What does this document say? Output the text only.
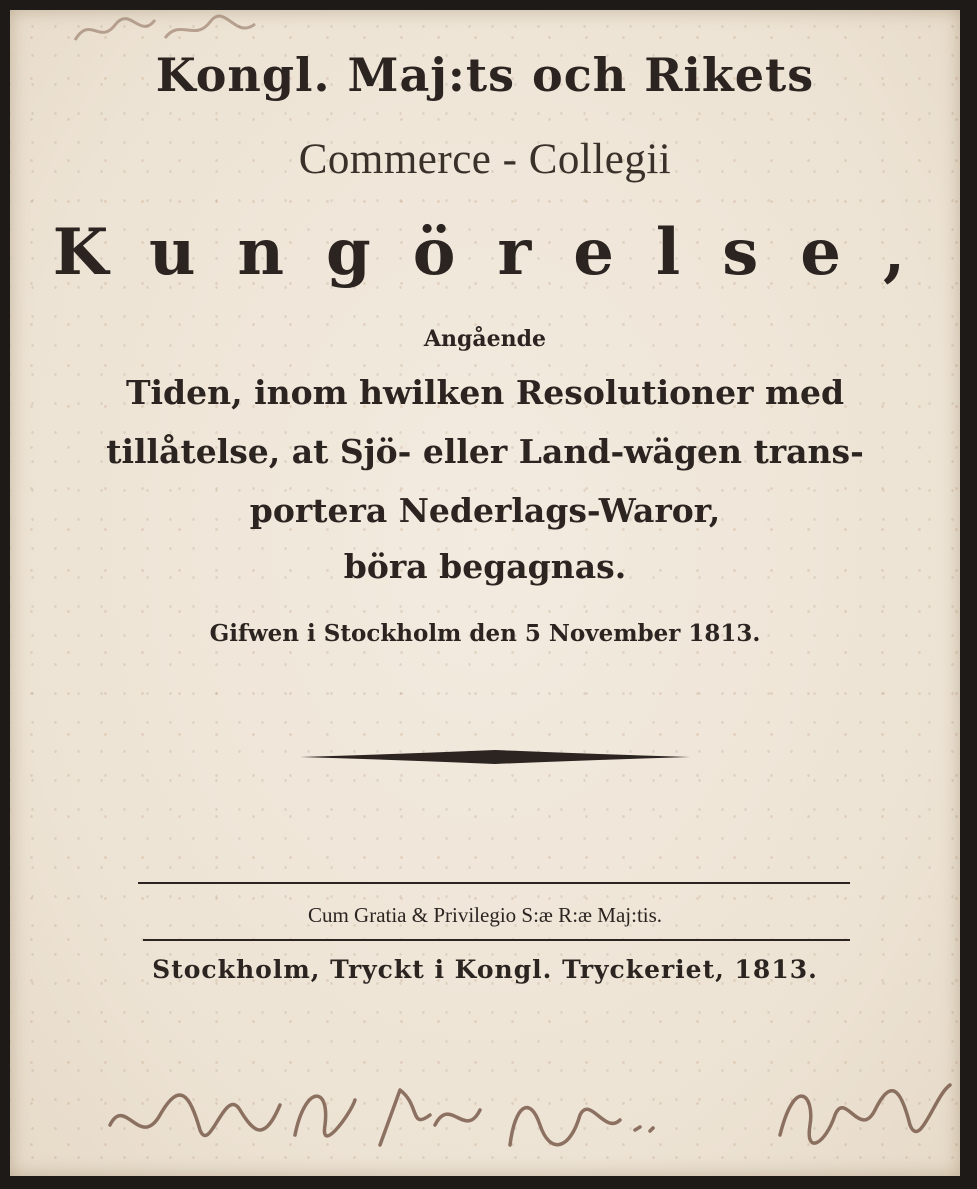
Kongl. Maj:ts och Rikets
Commerce - Collegii
Kungörelse,
Angående
Tiden, inom hwilken Resolutioner med
tillåtelse, at Sjö- eller Land-wägen trans-
portera Nederlags-Waror,
böra begagnas.
Gifwen i Stockholm den 5 November 1813.
Cum Gratia & Privilegio S:æ R:æ Maj:tis.
Stockholm, Tryckt i Kongl. Tryckeriet, 1813.
